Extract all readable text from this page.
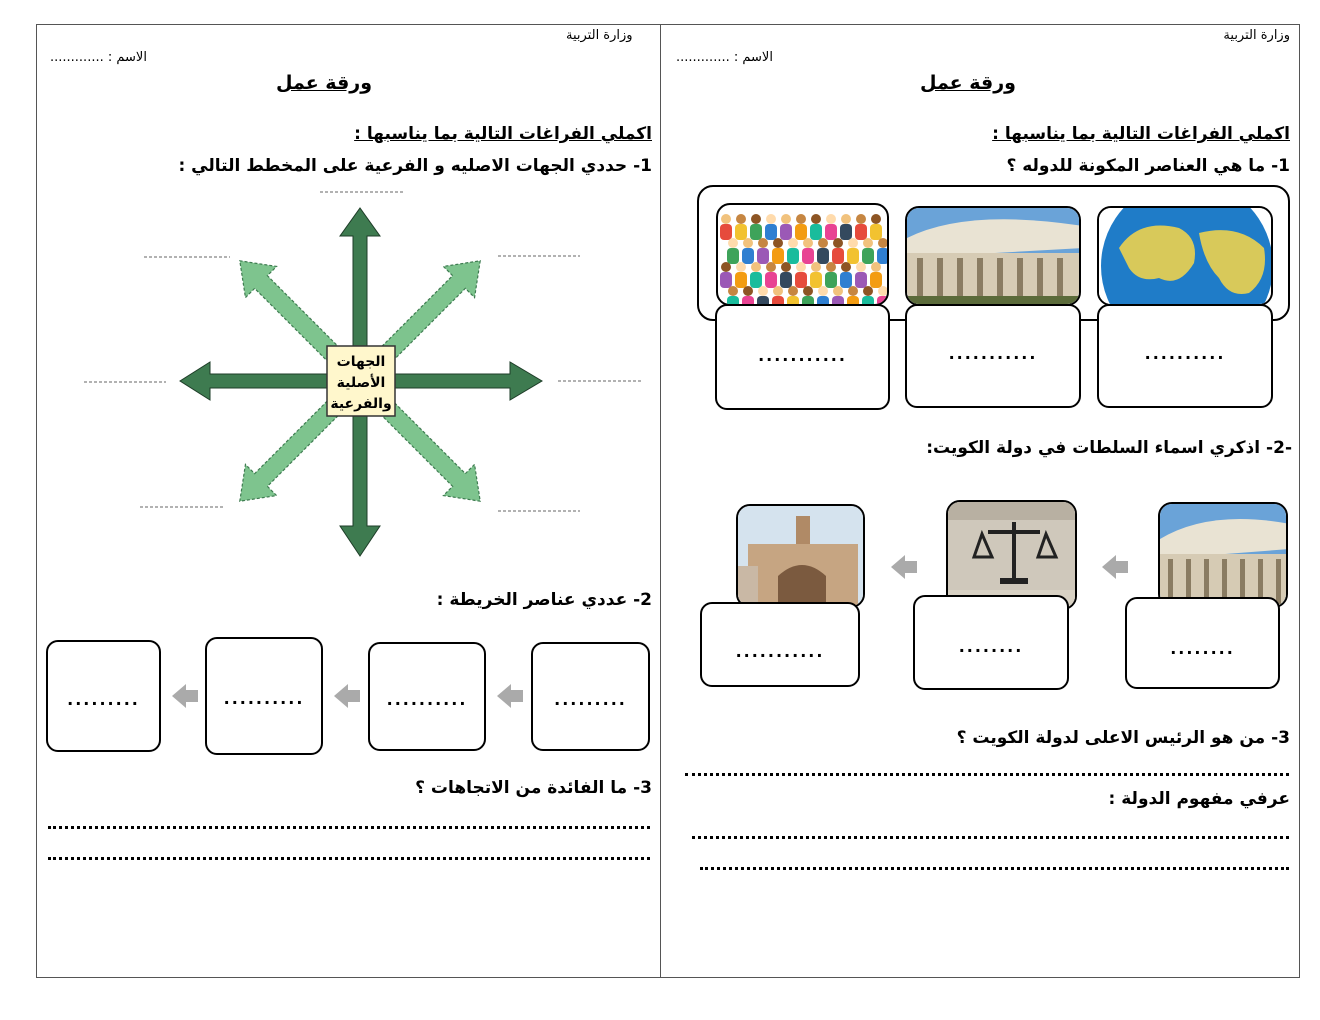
وزارة التربية
الاسم : .............
ورقة عمل
اكملي الفراغات التالية بما يناسبها :
1- ما هي العناصر المكونة للدوله ؟
..........
...........
...........
-2- اذكري اسماء السلطات في دولة الكويت:
........
........
...........
3- من هو الرئيس الاعلى لدولة الكويت ؟
عرفي مفهوم الدولة :
وزارة التربية
الاسم : .............
ورقة عمل
اكملي الفراغات التالية بما يناسبها :
1- حددي الجهات الاصليه و الفرعية على المخطط التالي :
الجهات
الأصلية
والفرعية
2- عددي عناصر الخريطة :
.........
..........
..........
.........
3- ما الفائدة من الاتجاهات ؟
